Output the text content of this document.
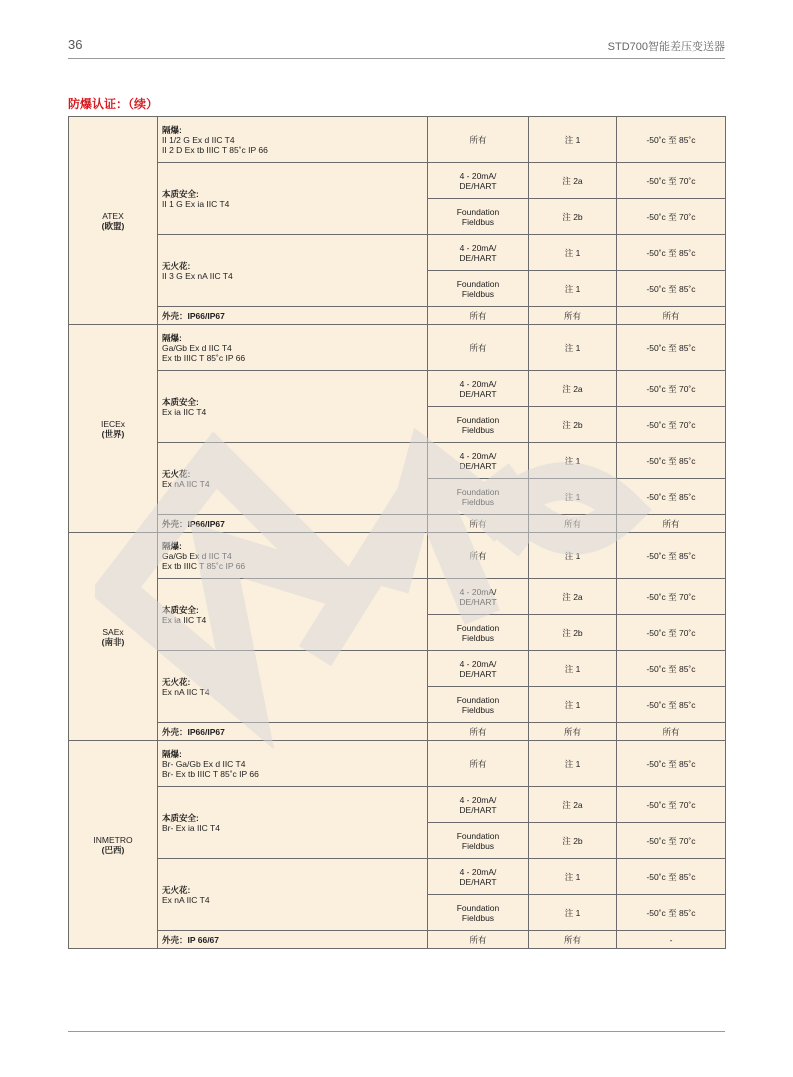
36	STD700智能差压变送器
防爆认证：（续）
ATEX
(欧盟)	隔爆:
II 1/2 G Ex d IIC T4
II 2 D Ex tb IIIC T 85˚c IP 66	所有	注 1	-50˚c 至 85˚c

	本质安全:
II 1 G Ex ia IIC T4	4 - 20mA/
DE/HART	注 2a	-50˚c 至 70˚c
		Foundation
Fieldbus	注 2b	-50˚c 至 70˚c

	无火花:
II 3 G Ex nA IIC T4	4 - 20mA/
DE/HART	注 1	-50˚c 至 85˚c
		Foundation
Fieldbus	注 1	-50˚c 至 85˚c
	外壳：IP66/IP67	所有	所有	所有

IECEx
(世界)	隔爆:
Ga/Gb Ex d IIC T4
Ex tb IIIC T 85˚c IP 66	所有	注 1	-50˚c 至 85˚c

	本质安全:
Ex ia IIC T4	4 - 20mA/
DE/HART	注 2a	-50˚c 至 70˚c
		Foundation
Fieldbus	注 2b	-50˚c 至 70˚c

	无火花:
Ex nA IIC T4	4 - 20mA/
DE/HART	注 1	-50˚c 至 85˚c
		Foundation
Fieldbus	注 1	-50˚c 至 85˚c
	外壳：IP66/IP67	所有	所有	所有

SAEx
(南非)	隔爆:
Ga/Gb Ex d IIC T4
Ex tb IIIC T 85˚c IP 66	所有	注 1	-50˚c 至 85˚c

	本质安全:
Ex ia IIC T4	4 - 20mA/
DE/HART	注 2a	-50˚c 至 70˚c
		Foundation
Fieldbus	注 2b	-50˚c 至 70˚c

	无火花:
Ex nA IIC T4	4 - 20mA/
DE/HART	注 1	-50˚c 至 85˚c
		Foundation
Fieldbus	注 1	-50˚c 至 85˚c
	外壳：IP66/IP67	所有	所有	所有

INMETRO
(巴西)	隔爆:
Br- Ga/Gb Ex d IIC T4
Br- Ex tb IIIC T 85˚c IP 66	所有	注 1	-50˚c 至 85˚c

	本质安全:
Br- Ex ia IIC T4	4 - 20mA/
DE/HART	注 2a	-50˚c 至 70˚c
		Foundation
Fieldbus	注 2b	-50˚c 至 70˚c

	无火花:
Ex nA IIC T4	4 - 20mA/
DE/HART	注 1	-50˚c 至 85˚c
		Foundation
Fieldbus	注 1	-50˚c 至 85˚c
	外壳：IP 66/67	所有	所有	-
